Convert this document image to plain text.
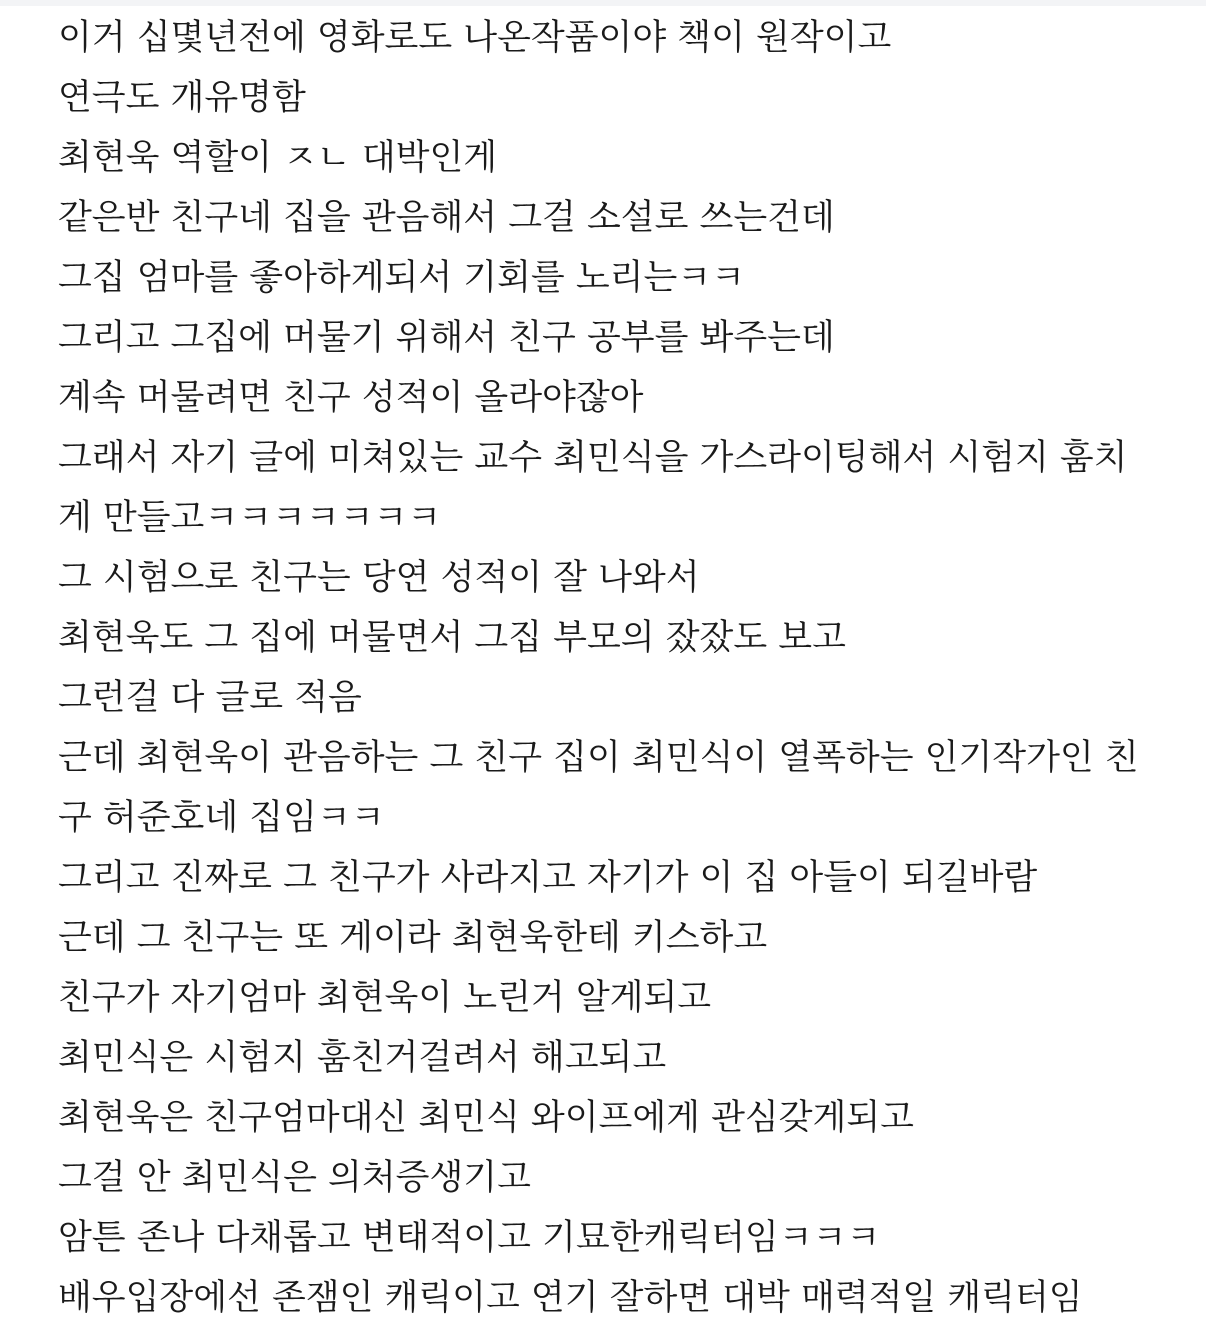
이거 십몇년전에 영화로도 나온작품이야 책이 원작이고
연극도 개유명함
최현욱 역할이 ㅈㄴ 대박인게
같은반 친구네 집을 관음해서 그걸 소설로 쓰는건데
그집 엄마를 좋아하게되서 기회를 노리는ㅋㅋ
그리고 그집에 머물기 위해서 친구 공부를 봐주는데
계속 머물려면 친구 성적이 올라야잖아
그래서 자기 글에 미쳐있는 교수 최민식을 가스라이팅해서 시험지 훔치
게 만들고ㅋㅋㅋㅋㅋㅋㅋ
그 시험으로 친구는 당연 성적이 잘 나와서
최현욱도 그 집에 머물면서 그집 부모의 잤잤도 보고
그런걸 다 글로 적음
근데 최현욱이 관음하는 그 친구 집이 최민식이 열폭하는 인기작가인 친
구 허준호네 집임ㅋㅋ
그리고 진짜로 그 친구가 사라지고 자기가 이 집 아들이 되길바람
근데 그 친구는 또 게이라 최현욱한테 키스하고
친구가 자기엄마 최현욱이 노린거 알게되고
최민식은 시험지 훔친거걸려서 해고되고
최현욱은 친구엄마대신 최민식 와이프에게 관심갖게되고
그걸 안 최민식은 의처증생기고
암튼 존나 다채롭고 변태적이고 기묘한캐릭터임ㅋㅋㅋ
배우입장에선 존잼인 캐릭이고 연기 잘하면 대박 매력적일 캐릭터임
